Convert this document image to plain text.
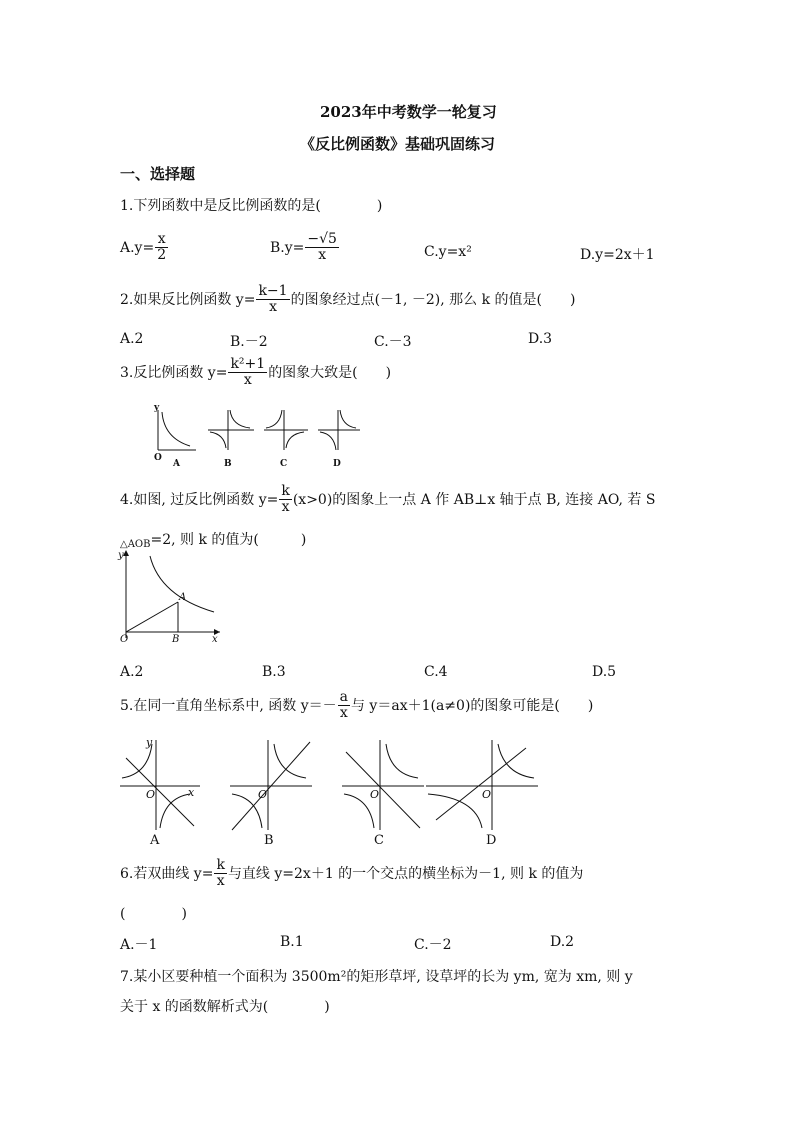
2023年中考数学一轮复习
《反比例函数》基础巩固练习
一、选择题
1.下列函数中是反比例函数的是(　　　　)
$A.y= \frac{x}{2}$	$B.y= \frac{-√5}{x}$	C.y=x²	D.y=2x＋1
2.如果反比例函数 $y= \frac{k-1}{x}$ 的图象经过点(－1, －2), 那么 k 的值是(　　)
A.2	B.－2	C.－3	D.3
3.反比例函数 $y= \frac{\text{k²+1}}{x}$ 的图象大致是(　　)
y
O
A	B	C	D
4.如图, 过反比例函数 $y= \frac{k}{x} (x>0)$的图象上一点 A 作 AB⊥x 轴于点 B, 连接 AO, 若 S
$_{\triangle AOB}$=2, 则 k 的值为(　　　)
y
x
O
A
B
A.2	B.3	C.4	D.5
5.在同一直角坐标系中, 函数 $y=- \frac{a}{x}$ 与 y＝ax＋1(a≠0)的图象可能是(　　)
y
x
O	O	O	O
A	B	C	D
6.若双曲线 $y= \frac{k}{x}$ 与直线 y=2x＋1 的一个交点的横坐标为－1, 则 k 的值为
(　　　　)
A.－1	B.1	C.－2	D.2
7.某小区要种植一个面积为 3500m²的矩形草坪, 设草坪的长为 ym, 宽为 xm, 则 y
关于 x 的函数解析式为(　　　　)
